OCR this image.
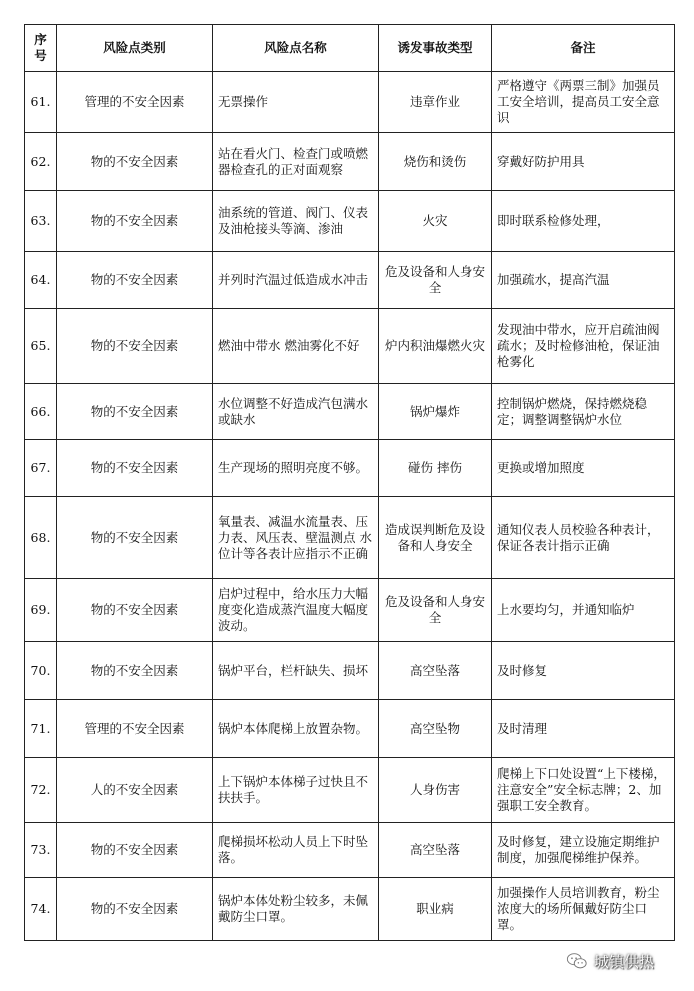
序号	风险点类别	风险点名称	诱发事故类型	备注
61.	管理的不安全因素	无票操作	违章作业	严格遵守《两票三制》加强员工安全培训，提高员工安全意识
62.	物的不安全因素	站在看火门、检查门或喷燃器检查孔的正对面观察	烧伤和烫伤	穿戴好防护用具
63.	物的不安全因素	油系统的管道、阀门、仪表及油枪接头等滴、渗油	火灾	即时联系检修处理，
64.	物的不安全因素	并列时汽温过低造成水冲击	危及设备和人身安全	加强疏水，提高汽温
65.	物的不安全因素	燃油中带水 燃油雾化不好	炉内积油爆燃火灾	发现油中带水，应开启疏油阀疏水；及时检修油枪，保证油枪雾化
66.	物的不安全因素	水位调整不好造成汽包满水或缺水	锅炉爆炸	控制锅炉燃烧，保持燃烧稳定；调整调整锅炉水位
67.	物的不安全因素	生产现场的照明亮度不够。	碰伤 摔伤	更换或增加照度
68.	物的不安全因素	氧量表、减温水流量表、压力表、风压表、壁温测点 水位计等各表计应指示不正确	造成误判断危及设备和人身安全	通知仪表人员校验各种表计，保证各表计指示正确
69.	物的不安全因素	启炉过程中，给水压力大幅度变化造成蒸汽温度大幅度波动。	危及设备和人身安全	上水要均匀，并通知临炉
70.	物的不安全因素	锅炉平台，栏杆缺失、损坏	高空坠落	及时修复
71.	管理的不安全因素	锅炉本体爬梯上放置杂物。	高空坠物	及时清理
72.	人的不安全因素	上下锅炉本体梯子过快且不扶扶手。	人身伤害	爬梯上下口处设置“上下楼梯，注意安全”安全标志牌；2、加强职工安全教育。
73.	物的不安全因素	爬梯损坏松动人员上下时坠落。	高空坠落	及时修复，建立设施定期维护制度，加强爬梯维护保养。
74.	物的不安全因素	锅炉本体处粉尘较多，未佩戴防尘口罩。	职业病	加强操作人员培训教育，粉尘浓度大的场所佩戴好防尘口罩。
城镇供热
